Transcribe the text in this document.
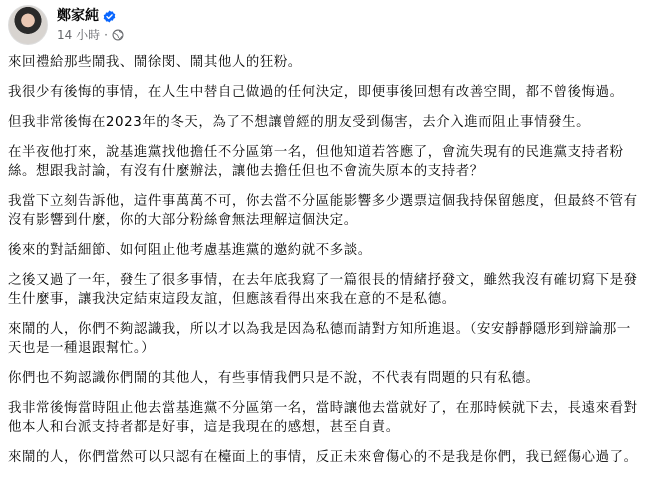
鄭家純
14 小時 ·

來回禮給那些鬧我、鬧徐閔、鬧其他人的狂粉。

我很少有後悔的事情，在人生中替自己做過的任何決定，即便事後回想有改善空間，都不曾後悔過。

但我非常後悔在2023年的冬天，為了不想讓曾經的朋友受到傷害，去介入進而阻止事情發生。

在半夜他打來，說基進黨找他擔任不分區第一名，但他知道若答應了，會流失現有的民進黨支持者粉絲。想跟我討論，有沒有什麼辦法，讓他去擔任但也不會流失原本的支持者？

我當下立刻告訴他，這件事萬萬不可，你去當不分區能影響多少選票這個我持保留態度，但最終不管有沒有影響到什麼，你的大部分粉絲會無法理解這個決定。

後來的對話細節、如何阻止他考慮基進黨的邀約就不多談。

之後又過了一年，發生了很多事情，在去年底我寫了一篇很長的情緒抒發文，雖然我沒有確切寫下是發生什麼事，讓我決定結束這段友誼，但應該看得出來我在意的不是私德。

來鬧的人，你們不夠認識我，所以才以為我是因為私德而請對方知所進退。（安安靜靜隱形到辯論那一天也是一種退跟幫忙。）

你們也不夠認識你們鬧的其他人，有些事情我們只是不說，不代表有問題的只有私德。

我非常後悔當時阻止他去當基進黨不分區第一名，當時讓他去當就好了，在那時候就下去，長遠來看對他本人和台派支持者都是好事，這是我現在的感想，甚至自責。

來鬧的人，你們當然可以只認有在檯面上的事情，反正未來會傷心的不是我是你們，我已經傷心過了。
